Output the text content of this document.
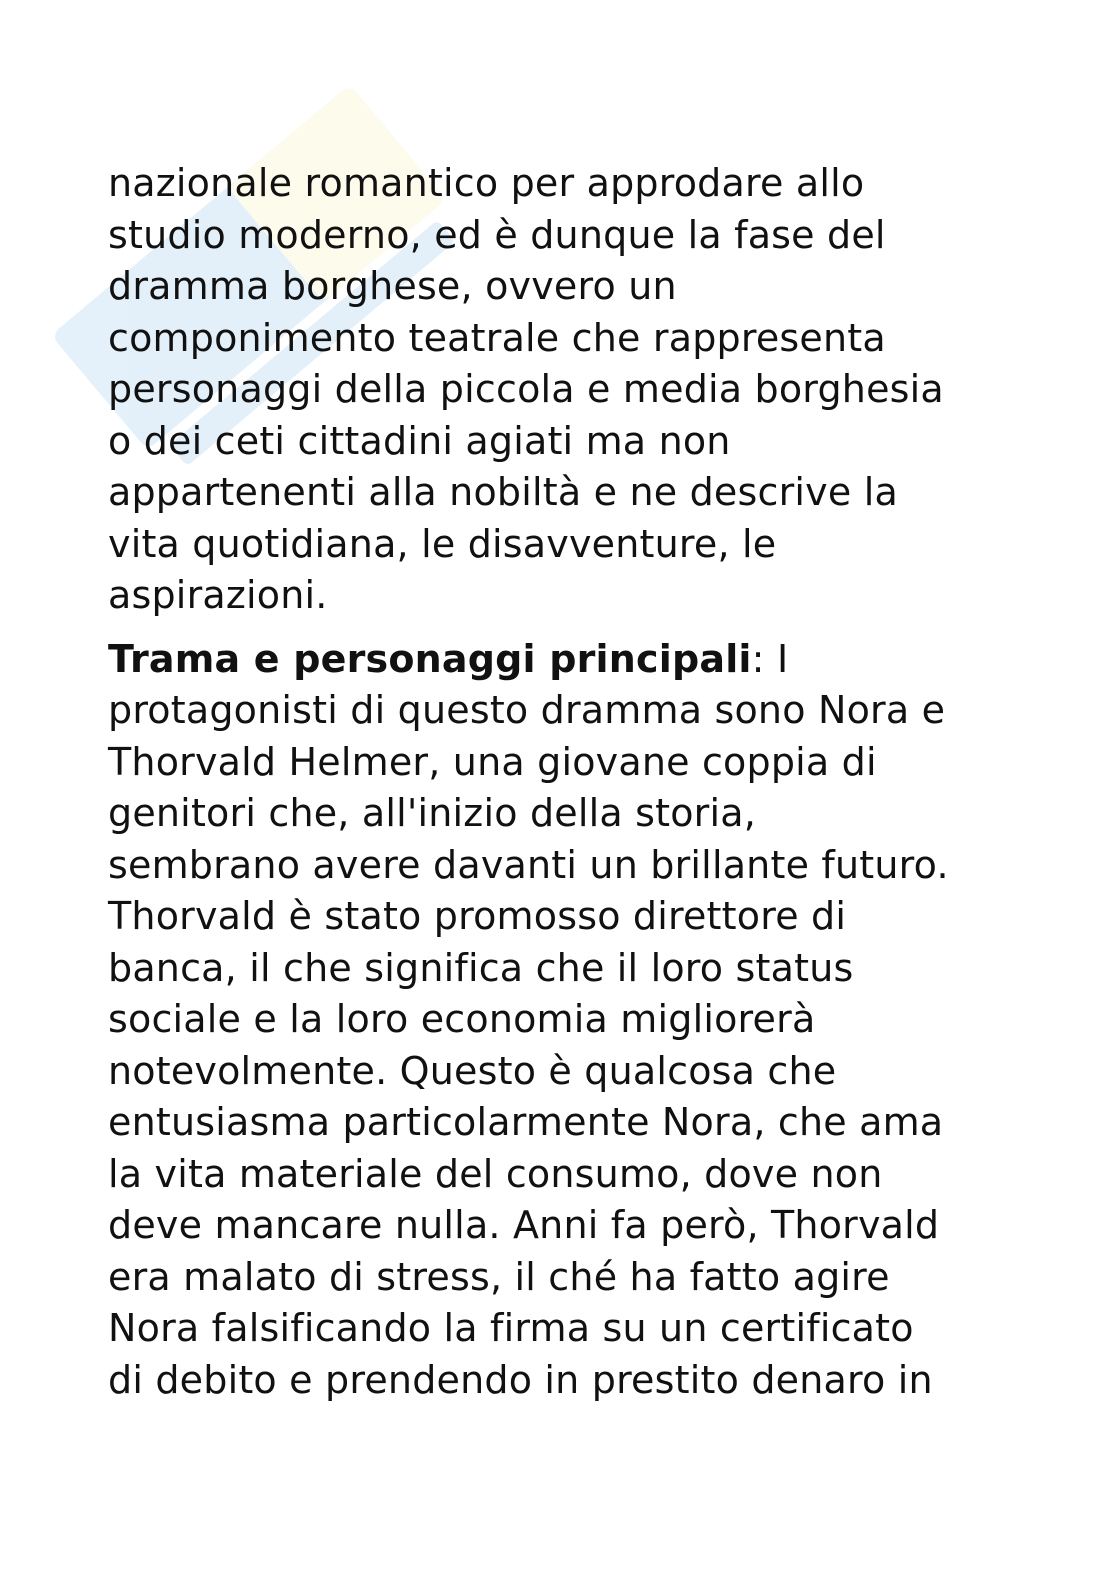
nazionale romantico per approdare allo
studio moderno, ed è dunque la fase del
dramma borghese, ovvero un
componimento teatrale che rappresenta
personaggi della piccola e media borghesia
o dei ceti cittadini agiati ma non
appartenenti alla nobiltà e ne descrive la
vita quotidiana, le disavventure, le
aspirazioni.

Trama e personaggi principali: I
protagonisti di questo dramma sono Nora e
Thorvald Helmer, una giovane coppia di
genitori che, all'inizio della storia,
sembrano avere davanti un brillante futuro.
Thorvald è stato promosso direttore di
banca, il che significa che il loro status
sociale e la loro economia migliorerà
notevolmente. Questo è qualcosa che
entusiasma particolarmente Nora, che ama
la vita materiale del consumo, dove non
deve mancare nulla. Anni fa però, Thorvald
era malato di stress, il ché ha fatto agire
Nora falsificando la firma su un certificato
di debito e prendendo in prestito denaro in
